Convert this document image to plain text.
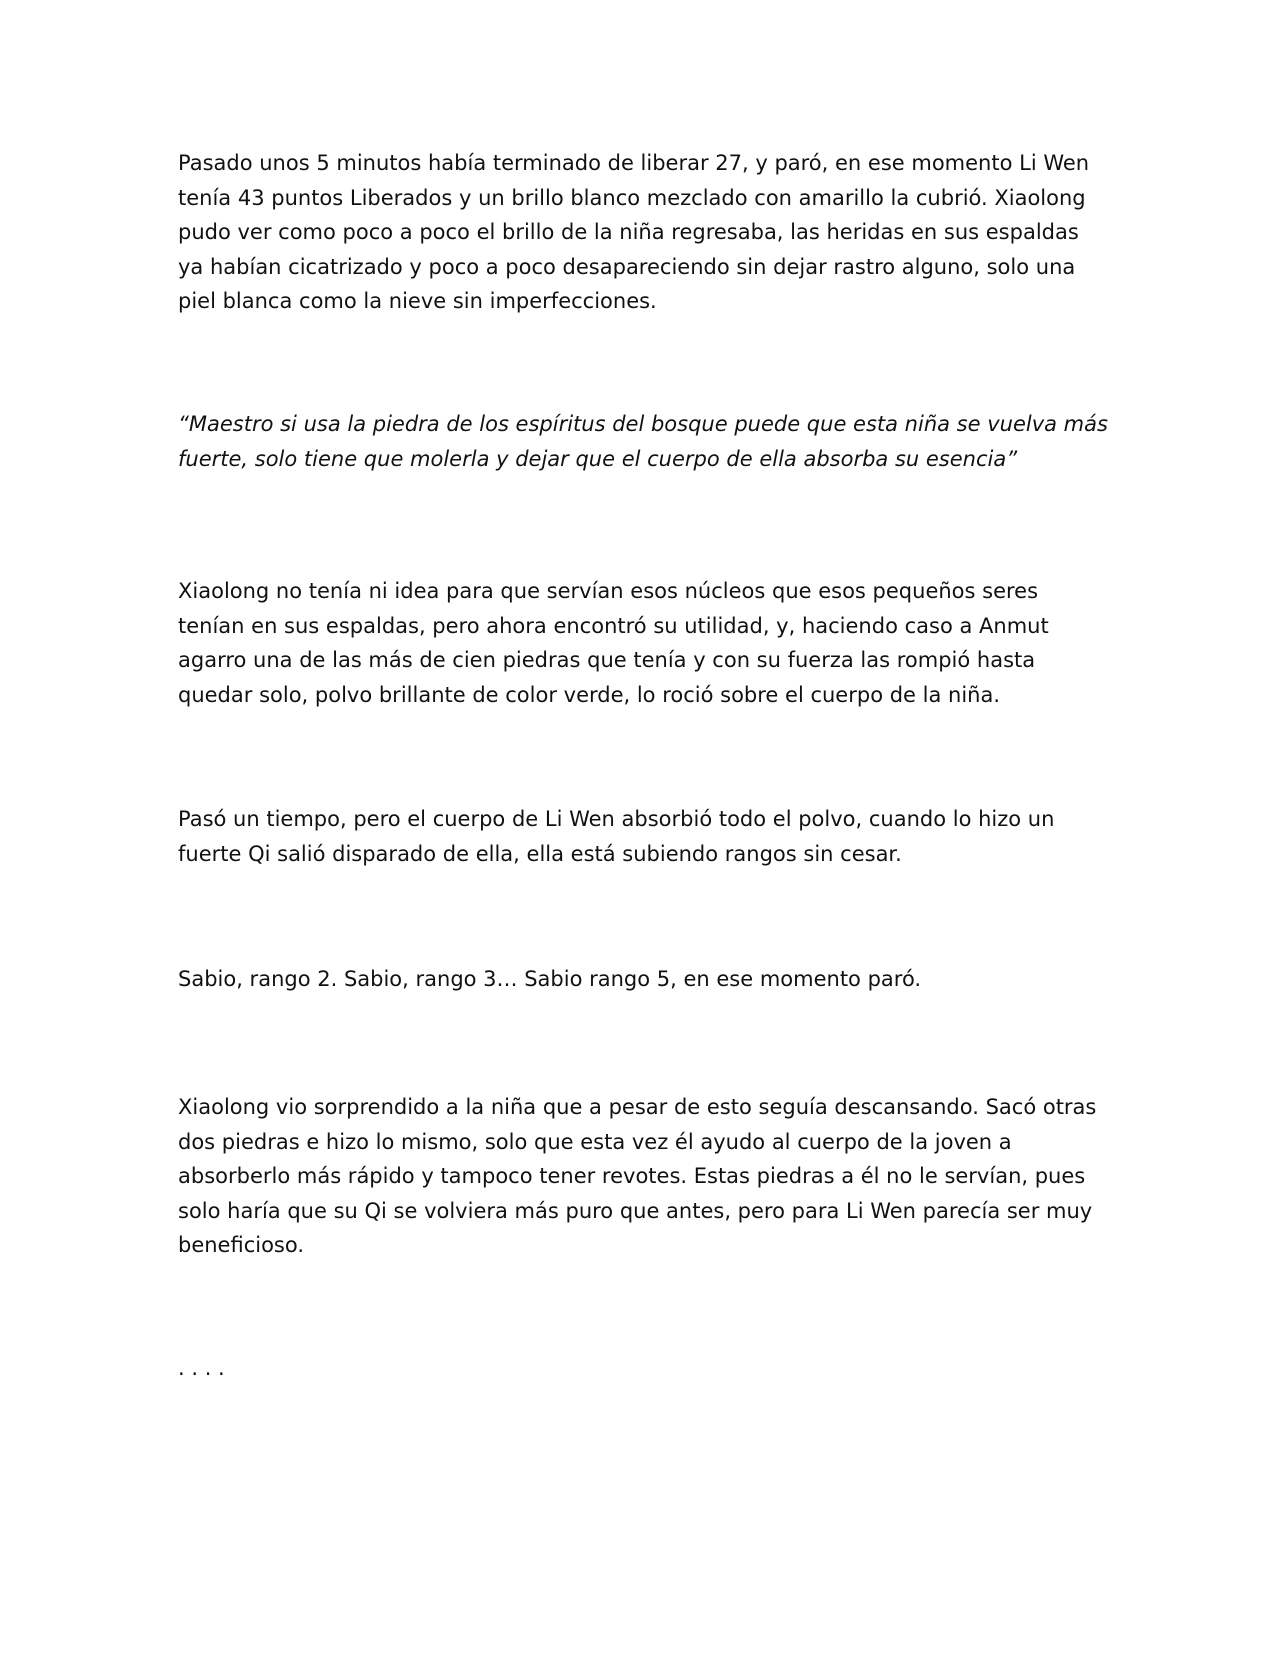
Pasado unos 5 minutos había terminado de liberar 27, y paró, en ese momento Li Wen tenía 43 puntos Liberados y un brillo blanco mezclado con amarillo la cubrió. Xiaolong pudo ver como poco a poco el brillo de la niña regresaba, las heridas en sus espaldas ya habían cicatrizado y poco a poco desapareciendo sin dejar rastro alguno, solo una piel blanca como la nieve sin imperfecciones.

“Maestro si usa la piedra de los espíritus del bosque puede que esta niña se vuelva más fuerte, solo tiene que molerla y dejar que el cuerpo de ella absorba su esencia”

Xiaolong no tenía ni idea para que servían esos núcleos que esos pequeños seres tenían en sus espaldas, pero ahora encontró su utilidad, y, haciendo caso a Anmut agarro una de las más de cien piedras que tenía y con su fuerza las rompió hasta quedar solo, polvo brillante de color verde, lo roció sobre el cuerpo de la niña.

Pasó un tiempo, pero el cuerpo de Li Wen absorbió todo el polvo, cuando lo hizo un fuerte Qi salió disparado de ella, ella está subiendo rangos sin cesar.

Sabio, rango 2. Sabio, rango 3… Sabio rango 5, en ese momento paró.

Xiaolong vio sorprendido a la niña que a pesar de esto seguía descansando. Sacó otras dos piedras e hizo lo mismo, solo que esta vez él ayudo al cuerpo de la joven a absorberlo más rápido y tampoco tener revotes. Estas piedras a él no le servían, pues solo haría que su Qi se volviera más puro que antes, pero para Li Wen parecía ser muy beneficioso.

. . . .
